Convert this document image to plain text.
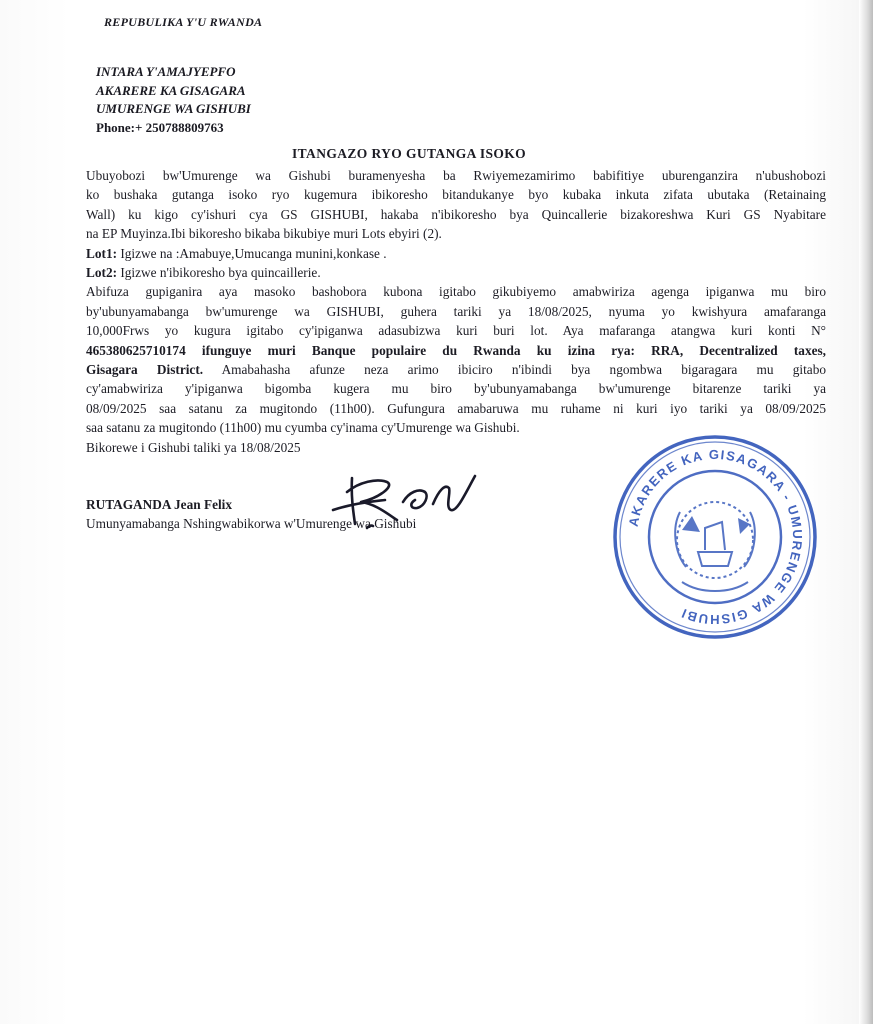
REPUBULIKA Y'U RWANDA
INTARA Y'AMAJYEPFO
AKARERE KA GISAGARA
UMURENGE WA GISHUBI
Phone:+ 250788809763
ITANGAZO RYO GUTANGA ISOKO

Ubuyobozi bw'Umurenge wa Gishubi buramenyesha ba Rwiyemezamirimo babifitiye uburenganzira n'ubushobozi

ko bushaka gutanga isoko ryo kugemura ibikoresho bitandukanye byo kubaka inkuta zifata ubutaka (Retainaing

Wall) ku kigo cy'ishuri cya GS GISHUBI, hakaba n'ibikoresho bya Quincallerie bizakoreshwa Kuri GS Nyabitare

na EP Muyinza.Ibi bikoresho bikaba bikubiye muri Lots ebyiri (2).

Lot1: Igizwe na :Amabuye,Umucanga munini,konkase .

Lot2: Igizwe n'ibikoresho bya quincaillerie.

Abifuza gupiganira aya masoko bashobora kubona igitabo gikubiyemo amabwiriza agenga ipiganwa mu biro

by'ubunyamabanga bw'umurenge wa GISHUBI, guhera tariki ya 18/08/2025, nyuma yo kwishyura amafaranga

10,000Frws yo kugura igitabo cy'ipiganwa adasubizwa kuri buri lot. Aya mafaranga atangwa kuri konti N°

465380625710174 ifunguye muri Banque populaire du Rwanda ku izina rya: RRA, Decentralized taxes,

Gisagara District. Amabahasha afunze neza arimo ibiciro n'ibindi bya ngombwa bigaragara mu gitabo

cy'amabwiriza y'ipiganwa bigomba kugera mu biro by'ubunyamabanga bw'umurenge bitarenze tariki ya

08/09/2025 saa satanu za mugitondo (11h00). Gufungura amabaruwa mu ruhame ni kuri iyo tariki ya 08/09/2025

saa satanu za mugitondo (11h00) mu cyumba cy'inama cy'Umurenge wa Gishubi.

Bikorewe i Gishubi taliki ya 18/08/2025

RUTAGANDA Jean Felix
Umunyamabanga Nshingwabikorwa w'Umurenge wa Gishubi	AKARERE KA GISAGARA - UMURENGE WA GISHUBI
